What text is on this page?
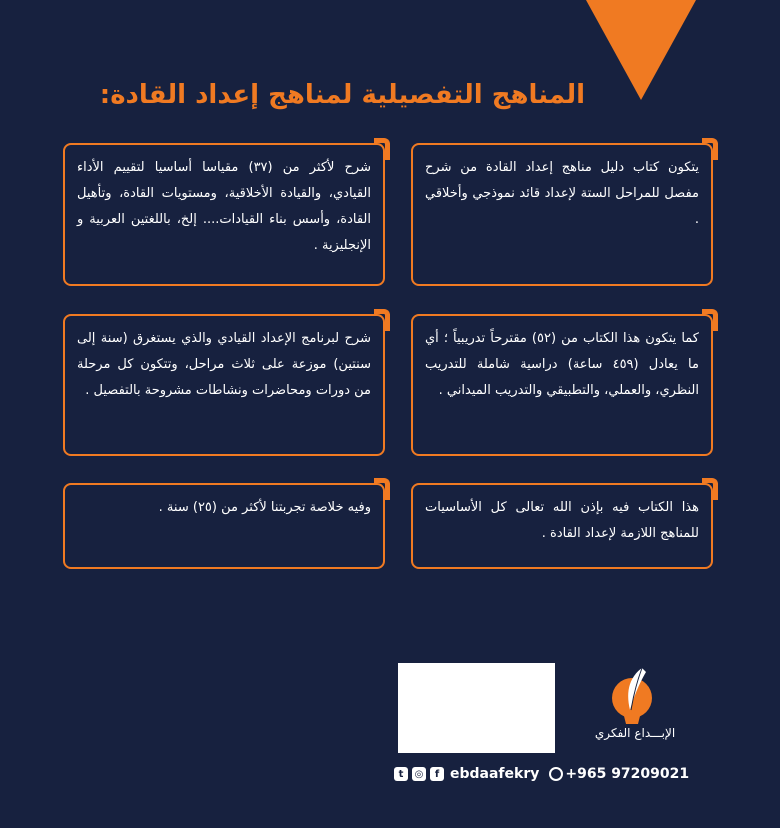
المناهج التفصيلية لمناهج إعداد القادة:

يتكون كتاب دليل مناهج إعداد القادة من شرح مفصل للمراحل الستة لإعداد قائد نموذجي وأخلاقي .

شرح لأكثر من (٣٧) مقياسا أساسيا لتقييم الأداء القيادي، والقيادة الأخلاقية، ومستويات القادة، وتأهيل القادة، وأسس بناء القيادات.... إلخ، باللغتين العربية و الإنجليزية .

كما يتكون هذا الكتاب من (٥٢) مقترحاً تدريبياً ؛ أي ما يعادل (٤٥٩ ساعة) دراسية شاملة للتدريب النظري، والعملي، والتطبيقي والتدريب الميداني .

شرح لبرنامج الإعداد القيادي والذي يستغرق (سنة إلى سنتين) موزعة على ثلاث مراحل، وتتكون كل مرحلة من دورات ومحاضرات ونشاطات مشروحة بالتفصيل .

هذا الكتاب فيه بإذن الله تعالى كل الأساسيات للمناهج اللازمة لإعداد القادة .

وفيه خلاصة تجربتنا لأكثر من (٢٥) سنة .

الإبـــداع الفكري
t	◎	f ebdaafekry +965 97209021
